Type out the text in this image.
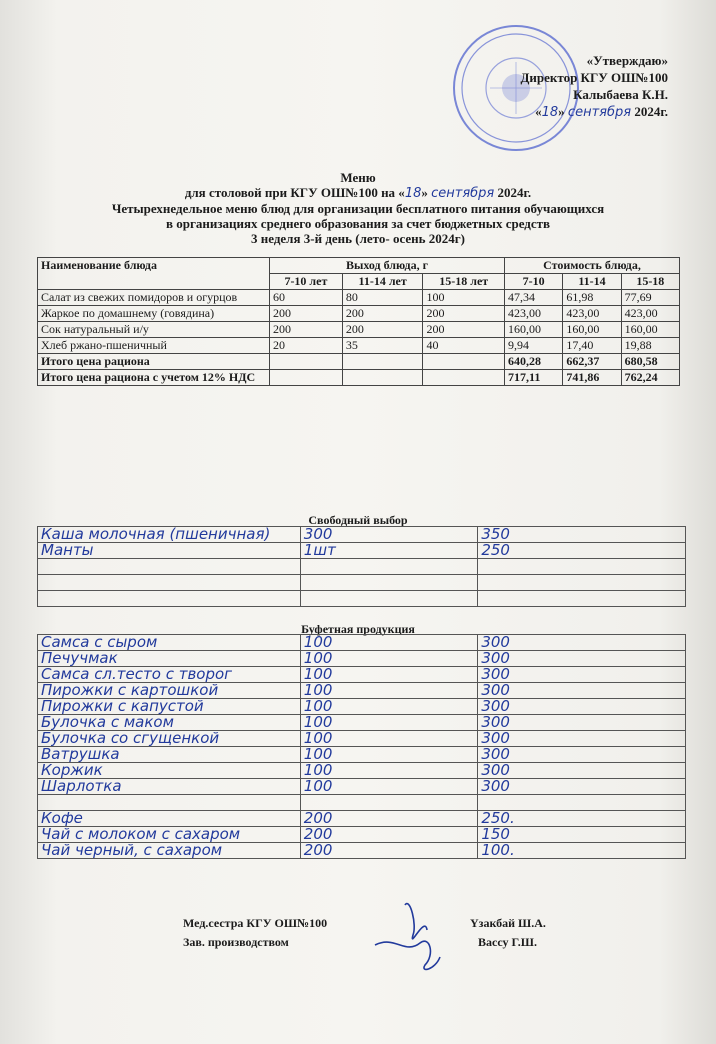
«Утверждаю»
Директор КГУ ОШ№100
Калыбаева К.Н.
«18» сентября 2024г.
Меню
для столовой при КГУ ОШ№100 на «18» сентября 2024г.
Четырехнедельное меню блюд для организации бесплатного питания обучающихся
в организациях среднего образования за счет бюджетных средств
3 неделя 3-й день (лето- осень 2024г)
Наименование блюда	Выход блюда, г			Стоимость блюда,		
	7-10 лет	11-14 лет	15-18 лет	7-10	11-14	15-18
Салат из свежих помидоров и огурцов	60	80	100	47,34	61,98	77,69
Жаркое по домашнему (говядина)	200	200	200	423,00	423,00	423,00
Сок натуральный и/у	200	200	200	160,00	160,00	160,00
Хлеб ржано-пшеничный	20	35	40	9,94	17,40	19,88
Итого цена рациона				640,28	662,37	680,58
Итого цена рациона с учетом 12% НДС				717,11	741,86	762,24
Свободный выбор
Каша молочная (пшеничная)	300	350
Манты	1шт	250

Буфетная продукция
Самса с сыром	100	300
Печучмак	100	300
Самса сл.тесто с творог	100	300
Пирожки с картошкой	100	300
Пирожки с капустой	100	300
Булочка с маком	100	300
Булочка со сгущенкой	100	300
Ватрушка	100	300
Коржик	100	300
Шарлотка	100	300

Кофе	200	250.
Чай с молоком с сахаром	200	150
Чай черный, с сахаром	200	100.
Мед.сестра КГУ ОШ№100
Зав. производством
Үзакбай Ш.А.
Вассу Г.Ш.
